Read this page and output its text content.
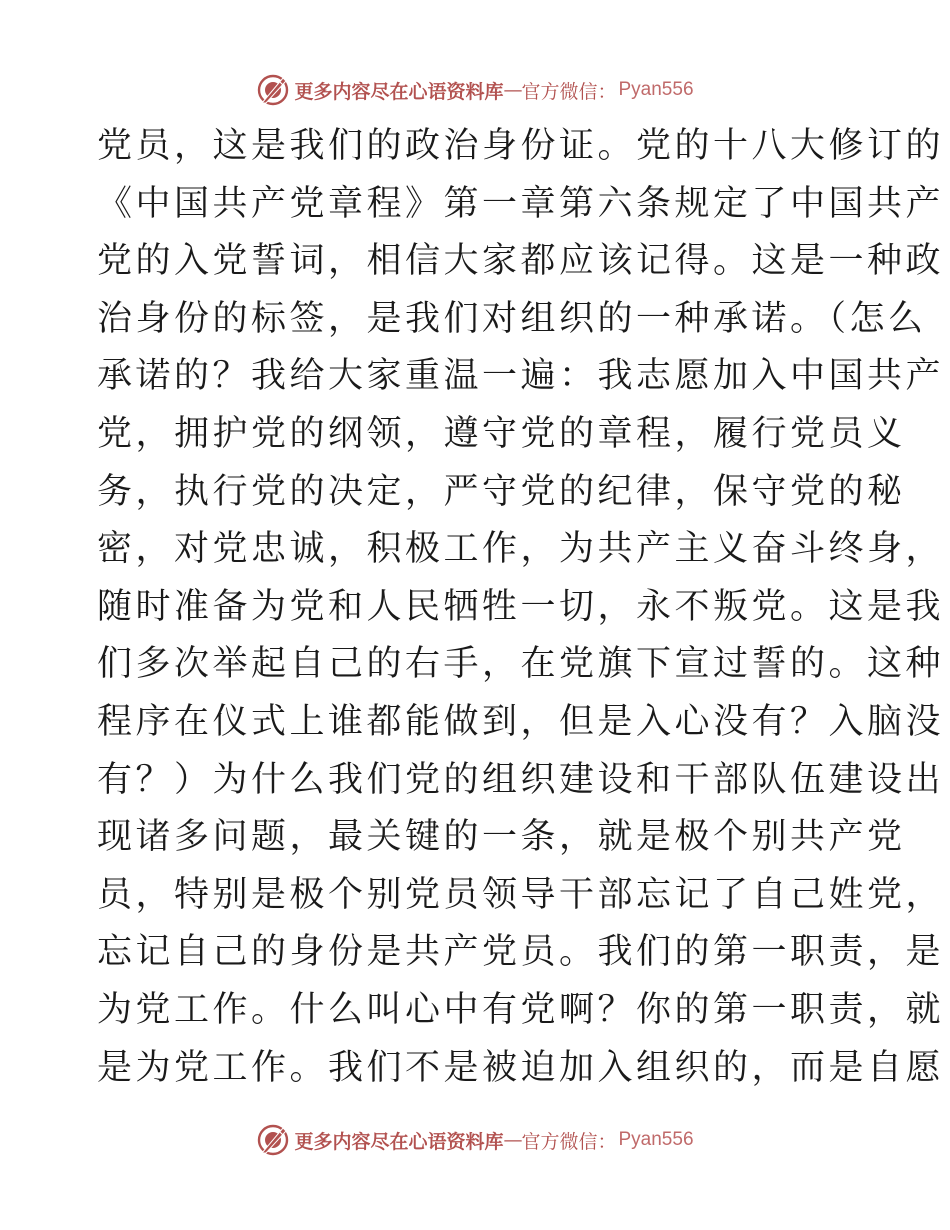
更多内容尽在心语资料库 — 官方微信： Pyan556
党员，这是我们的政治身份证。党的十八大修订的
《中国共产党章程》第一章第六条规定了中国共产
党的入党誓词，相信大家都应该记得。这是一种政
治身份的标签，是我们对组织的一种承诺。（怎么
承诺的？我给大家重温一遍：我志愿加入中国共产
党，拥护党的纲领，遵守党的章程，履行党员义
务，执行党的决定，严守党的纪律，保守党的秘
密，对党忠诚，积极工作，为共产主义奋斗终身，
随时准备为党和人民牺牲一切，永不叛党。这是我
们多次举起自己的右手，在党旗下宣过誓的。这种
程序在仪式上谁都能做到，但是入心没有？入脑没
有？）为什么我们党的组织建设和干部队伍建设出
现诸多问题，最关键的一条，就是极个别共产党
员，特别是极个别党员领导干部忘记了自己姓党，
忘记自己的身份是共产党员。我们的第一职责，是
为党工作。什么叫心中有党啊？你的第一职责，就
是为党工作。我们不是被迫加入组织的，而是自愿
更多内容尽在心语资料库 — 官方微信： Pyan556
